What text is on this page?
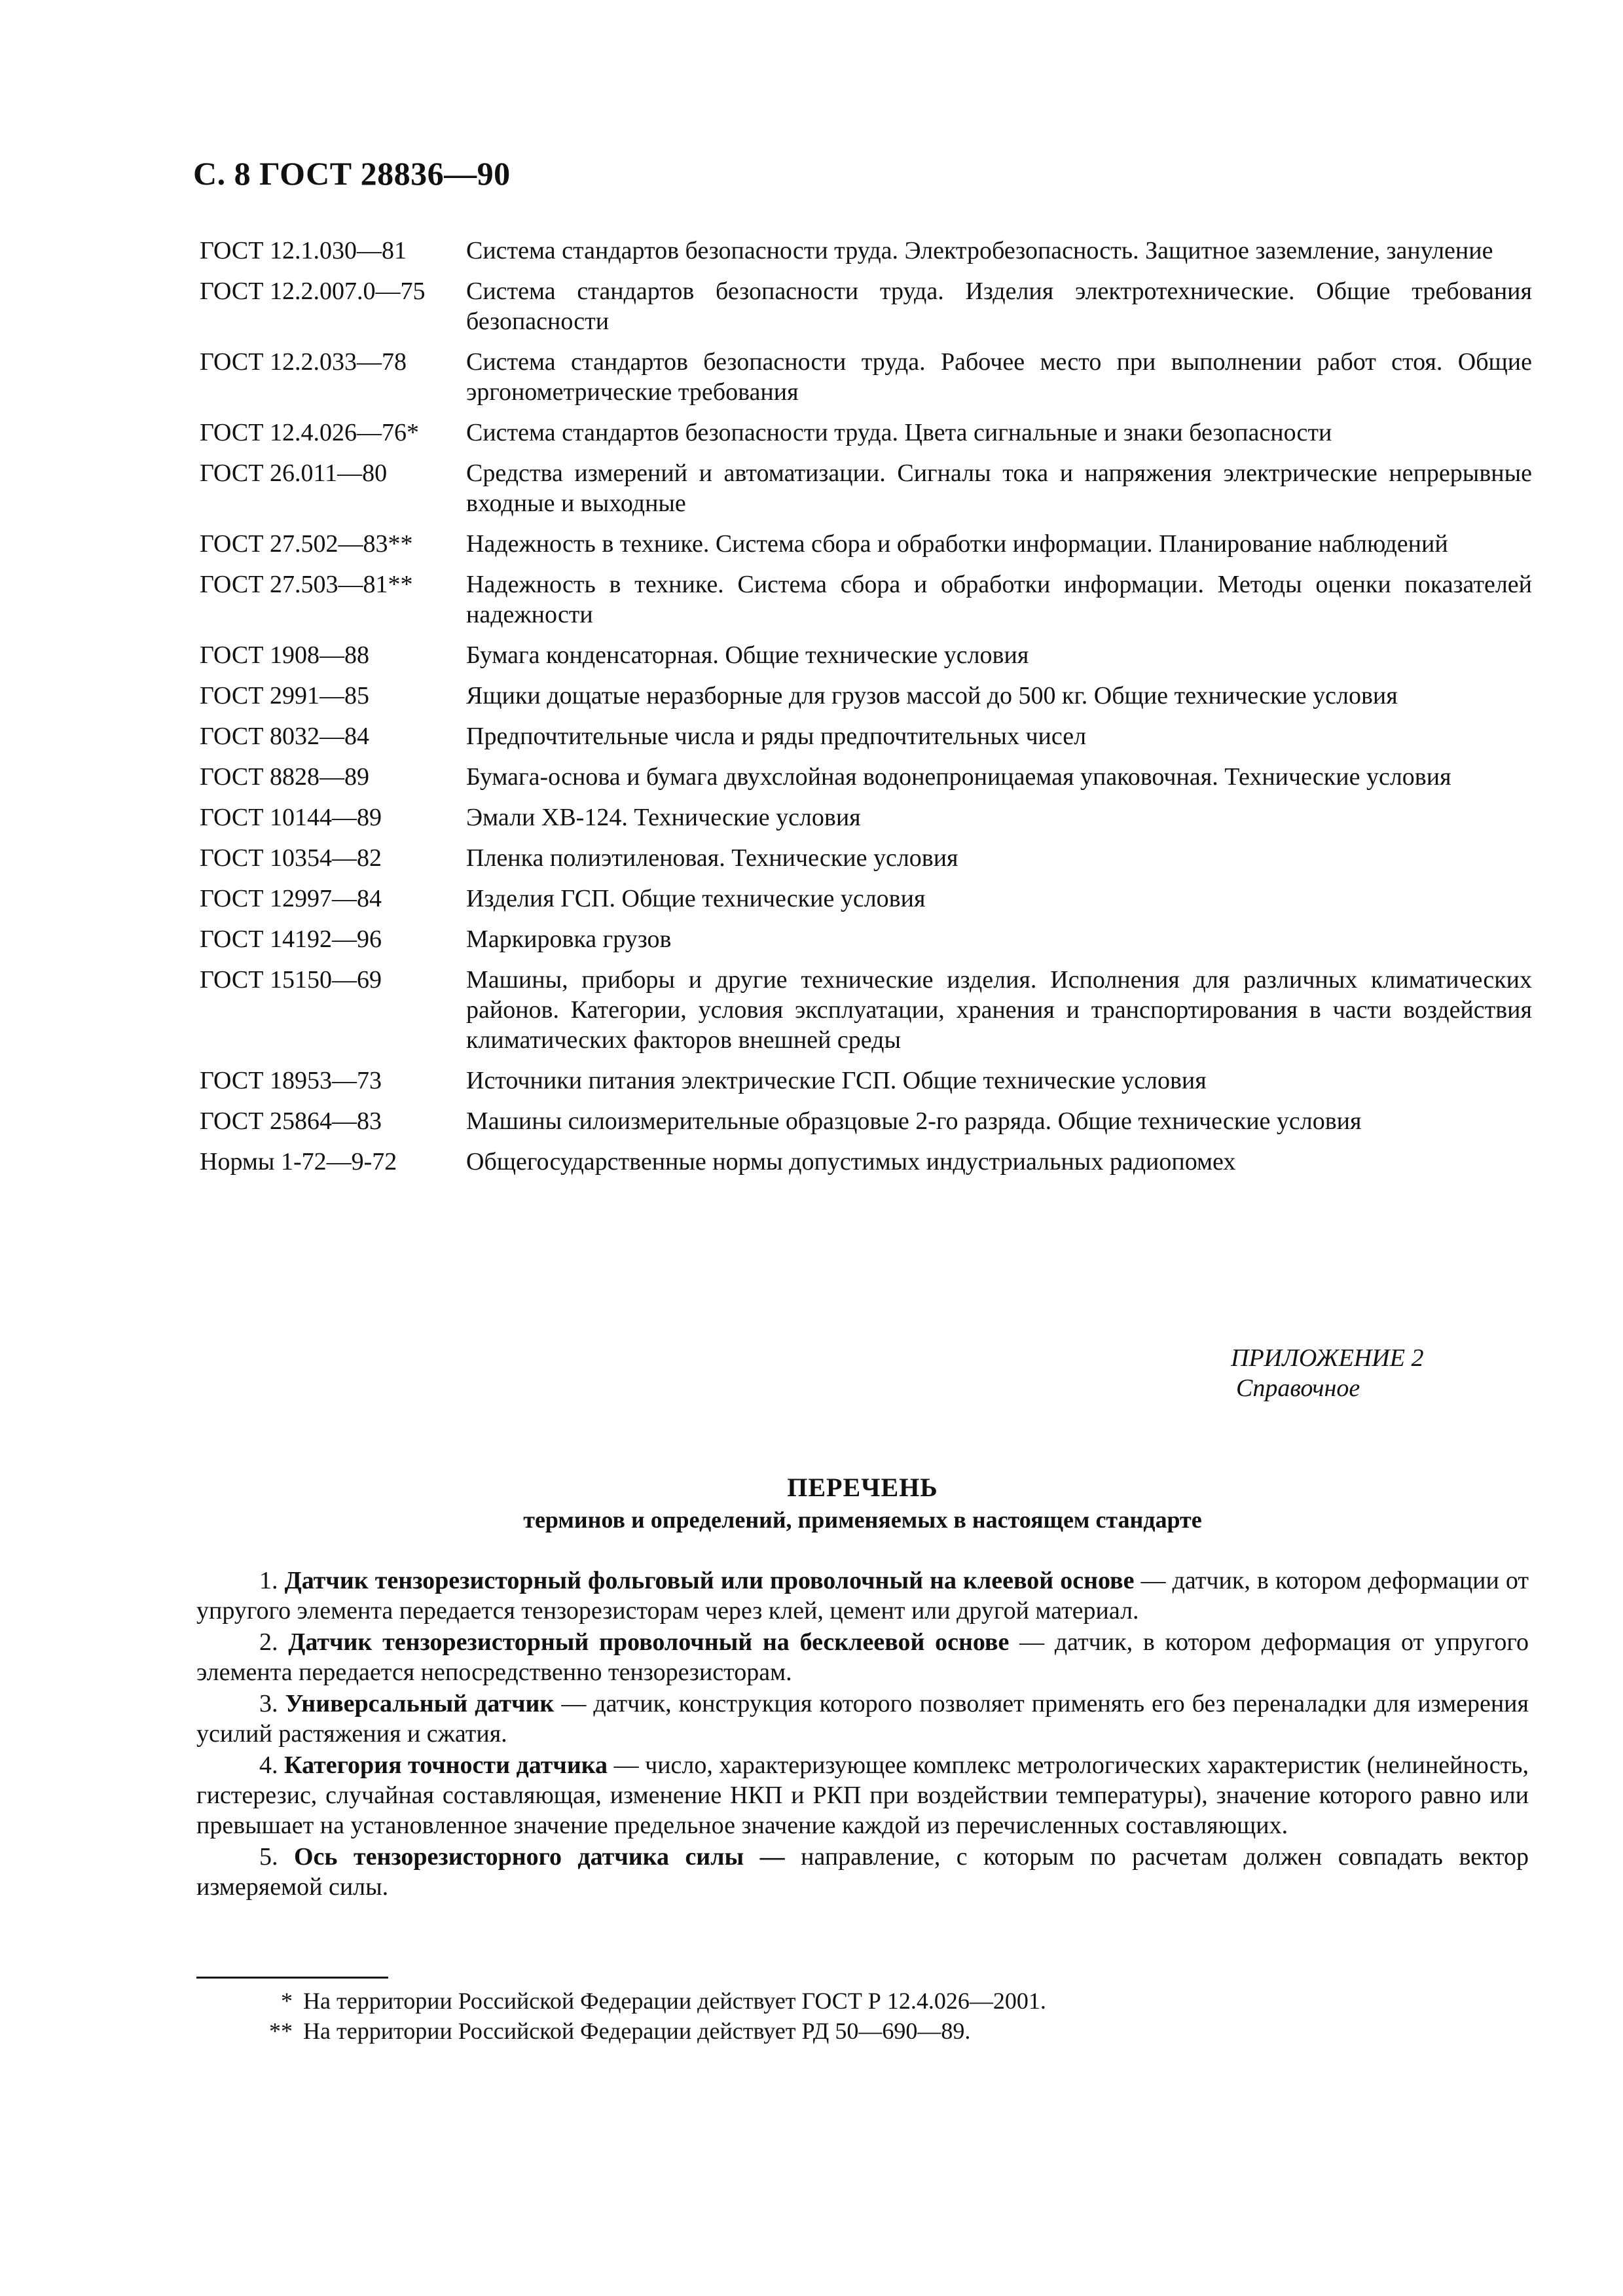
С. 8 ГОСТ 28836—90
ГОСТ 12.1.030—81	Система стандартов безопасности труда. Электробезопасность. Защитное заземление, зануление
ГОСТ 12.2.007.0—75	Система стандартов безопасности труда. Изделия электротехнические. Общие требования безопасности
ГОСТ 12.2.033—78	Система стандартов безопасности труда. Рабочее место при выполнении работ стоя. Общие эргонометрические требования
ГОСТ 12.4.026—76*	Система стандартов безопасности труда. Цвета сигнальные и знаки безопасности
ГОСТ 26.011—80	Средства измерений и автоматизации. Сигналы тока и напряжения электрические непрерывные входные и выходные
ГОСТ 27.502—83**	Надежность в технике. Система сбора и обработки информации. Планирование наблюдений
ГОСТ 27.503—81**	Надежность в технике. Система сбора и обработки информации. Методы оценки показателей надежности
ГОСТ 1908—88	Бумага конденсаторная. Общие технические условия
ГОСТ 2991—85	Ящики дощатые неразборные для грузов массой до 500 кг. Общие технические условия
ГОСТ 8032—84	Предпочтительные числа и ряды предпочтительных чисел
ГОСТ 8828—89	Бумага-основа и бумага двухслойная водонепроницаемая упаковочная. Технические условия
ГОСТ 10144—89	Эмали ХВ-124. Технические условия
ГОСТ 10354—82	Пленка полиэтиленовая. Технические условия
ГОСТ 12997—84	Изделия ГСП. Общие технические условия
ГОСТ 14192—96	Маркировка грузов
ГОСТ 15150—69	Машины, приборы и другие технические изделия. Исполнения для различных климатических районов. Категории, условия эксплуатации, хранения и транспортирования в части воздействия климатических факторов внешней среды
ГОСТ 18953—73	Источники питания электрические ГСП. Общие технические условия
ГОСТ 25864—83	Машины силоизмерительные образцовые 2-го разряда. Общие технические условия
Нормы 1-72—9-72	Общегосударственные нормы допустимых индустриальных радиопомех
ПРИЛОЖЕНИЕ 2
Справочное
ПЕРЕЧЕНЬ
терминов и определений, применяемых в настоящем стандарте

1. Датчик тензорезисторный фольговый или проволочный на клеевой основе — датчик, в котором деформации от упругого элемента передается тензорезисторам через клей, цемент или другой материал.

2. Датчик тензорезисторный проволочный на бесклеевой основе — датчик, в котором деформация от упругого элемента передается непосредственно тензорезисторам.

3. Универсальный датчик — датчик, конструкция которого позволяет применять его без переналадки для измерения усилий растяжения и сжатия.

4. Категория точности датчика — число, характеризующее комплекс метрологических характеристик (нелинейность, гистерезис, случайная составляющая, изменение НКП и РКП при воздействии температуры), значение которого равно или превышает на установленное значение предельное значение каждой из перечисленных составляющих.

5. Ось тензорезисторного датчика силы — направление, с которым по расчетам должен совпадать вектор измеряемой силы.

* На территории Российской Федерации действует ГОСТ Р 12.4.026—2001.
** На территории Российской Федерации действует РД 50—690—89.
